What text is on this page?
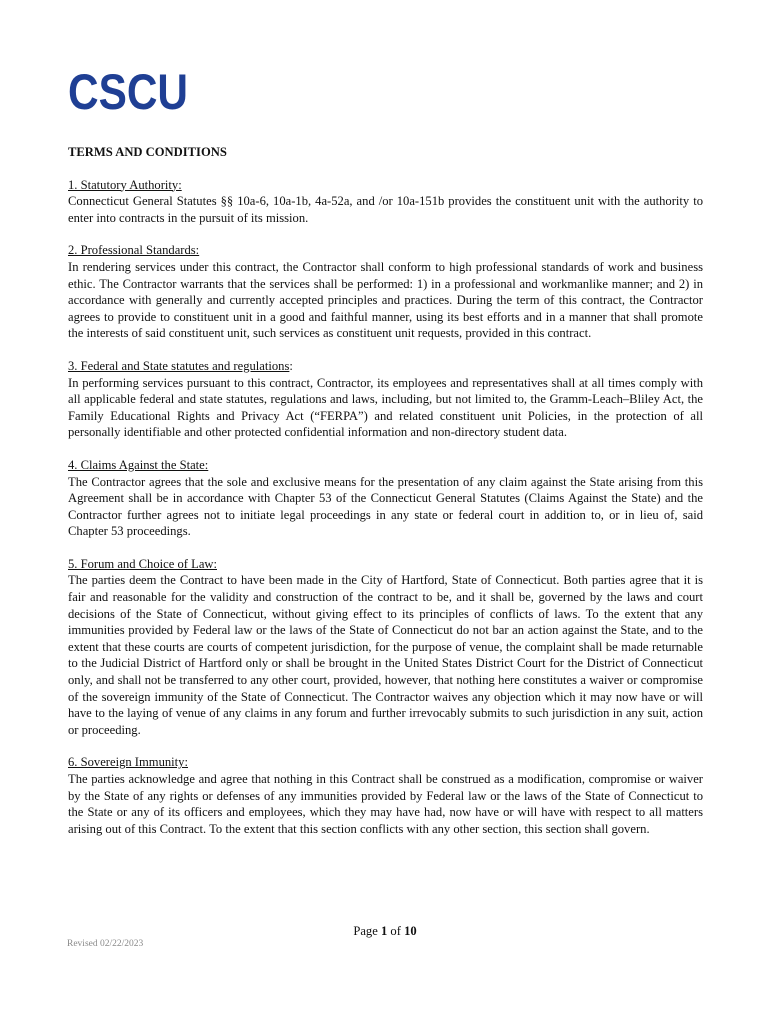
CSCU
TERMS AND CONDITIONS
1. Statutory Authority:
Connecticut General Statutes §§ 10a-6, 10a-1b, 4a-52a, and /or 10a-151b provides the constituent unit with the authority to enter into contracts in the pursuit of its mission.
2. Professional Standards:
In rendering services under this contract, the Contractor shall conform to high professional standards of work and business ethic. The Contractor warrants that the services shall be performed: 1) in a professional and workmanlike manner; and 2) in accordance with generally and currently accepted principles and practices. During the term of this contract, the Contractor agrees to provide to constituent unit in a good and faithful manner, using its best efforts and in a manner that shall promote the interests of said constituent unit, such services as constituent unit requests, provided in this contract.
3. Federal and State statutes and regulations:
In performing services pursuant to this contract, Contractor, its employees and representatives shall at all times comply with all applicable federal and state statutes, regulations and laws, including, but not limited to, the Gramm-Leach–Bliley Act, the Family Educational Rights and Privacy Act (“FERPA”) and related constituent unit Policies, in the protection of all personally identifiable and other protected confidential information and non-directory student data.
4. Claims Against the State:
The Contractor agrees that the sole and exclusive means for the presentation of any claim against the State arising from this Agreement shall be in accordance with Chapter 53 of the Connecticut General Statutes (Claims Against the State) and the Contractor further agrees not to initiate legal proceedings in any state or federal court in addition to, or in lieu of, said Chapter 53 proceedings.
5. Forum and Choice of Law:
The parties deem the Contract to have been made in the City of Hartford, State of Connecticut. Both parties agree that it is fair and reasonable for the validity and construction of the contract to be, and it shall be, governed by the laws and court decisions of the State of Connecticut, without giving effect to its principles of conflicts of laws. To the extent that any immunities provided by Federal law or the laws of the State of Connecticut do not bar an action against the State, and to the extent that these courts are courts of competent jurisdiction, for the purpose of venue, the complaint shall be made returnable to the Judicial District of Hartford only or shall be brought in the United States District Court for the District of Connecticut only, and shall not be transferred to any other court, provided, however, that nothing here constitutes a waiver or compromise of the sovereign immunity of the State of Connecticut. The Contractor waives any objection which it may now have or will have to the laying of venue of any claims in any forum and further irrevocably submits to such jurisdiction in any suit, action or proceeding.
6. Sovereign Immunity:
The parties acknowledge and agree that nothing in this Contract shall be construed as a modification, compromise or waiver by the State of any rights or defenses of any immunities provided by Federal law or the laws of the State of Connecticut to the State or any of its officers and employees, which they may have had, now have or will have with respect to all matters arising out of this Contract. To the extent that this section conflicts with any other section, this section shall govern.
Page 1 of 10
Revised 02/22/2023
